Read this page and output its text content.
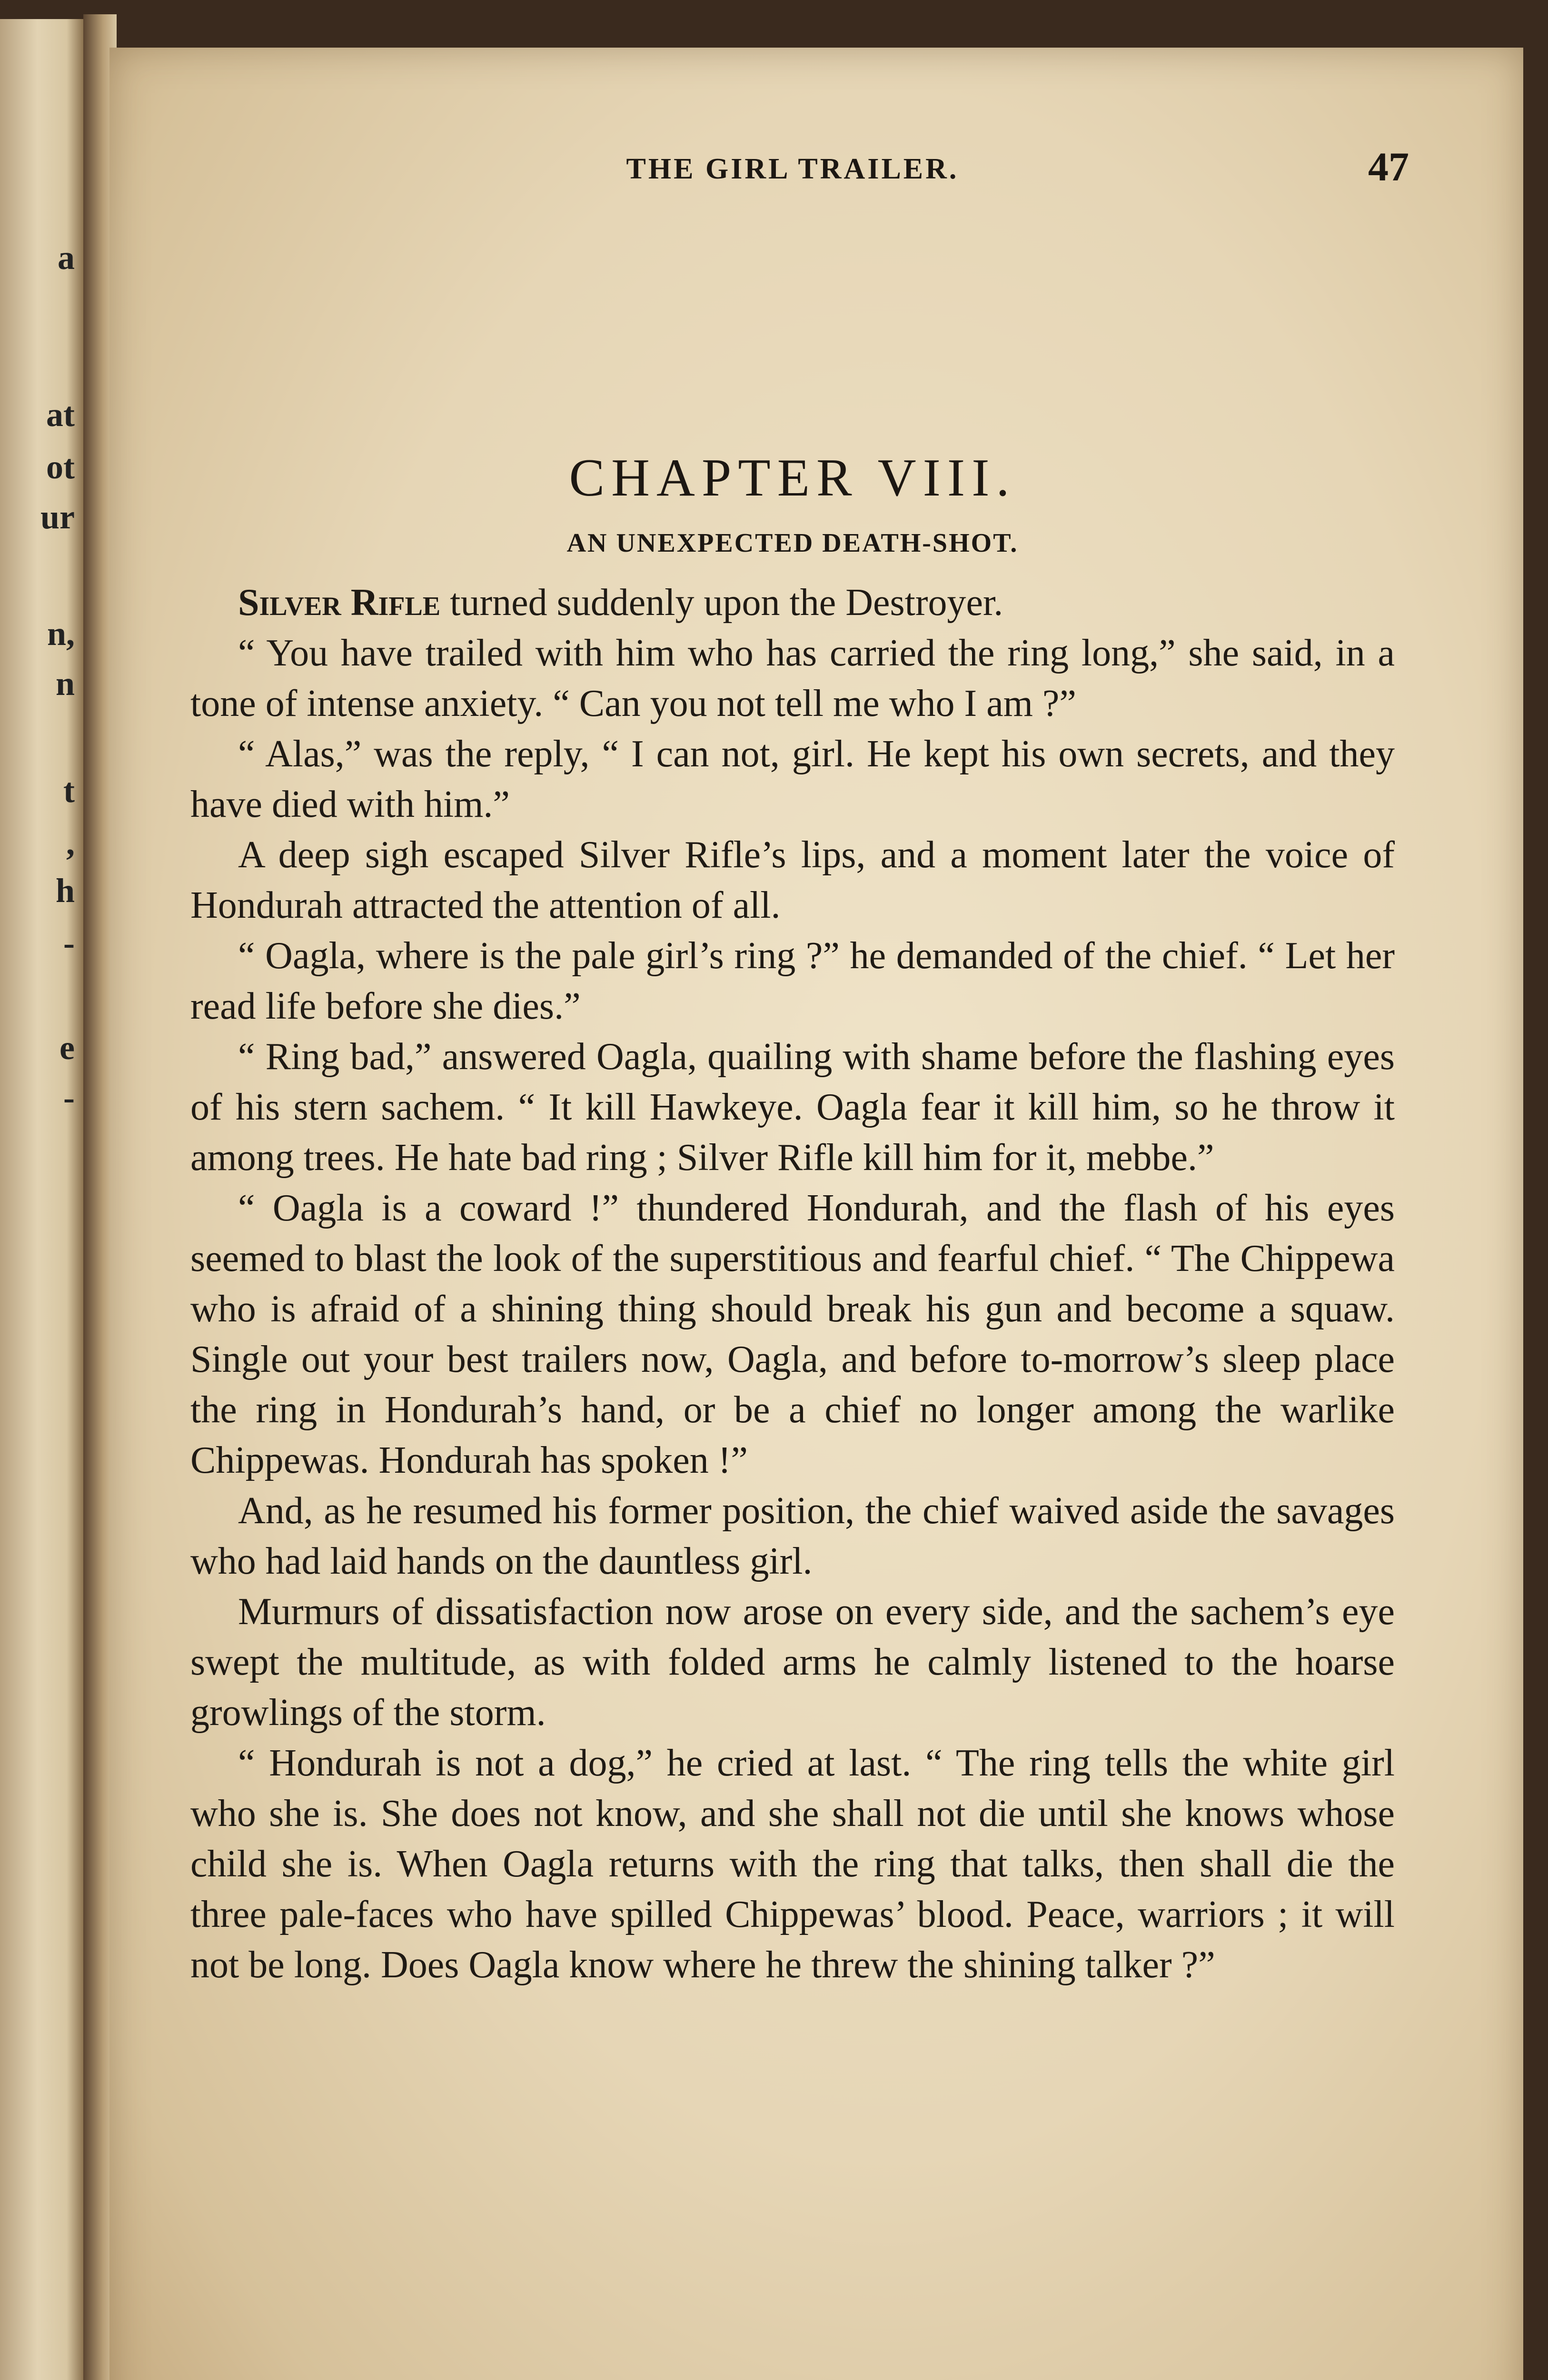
a
at
ot
ur
n,
n
t
,
h
-
e
-
THE GIRL TRAILER.	47
CHAPTER VIII.
AN UNEXPECTED DEATH-SHOT.

Silver Rifle turned suddenly upon the Destroyer.

“ You have trailed with him who has carried the ring long,” she said, in a tone of intense anxiety. “ Can you not tell me who I am ?”

“ Alas,” was the reply, “ I can not, girl. He kept his own secrets, and they have died with him.”

A deep sigh escaped Silver Rifle’s lips, and a moment later the voice of Hondurah attracted the attention of all.

“ Oagla, where is the pale girl’s ring ?” he demanded of the chief. “ Let her read life before she dies.”

“ Ring bad,” answered Oagla, quailing with shame before the flashing eyes of his stern sachem. “ It kill Hawkeye. Oagla fear it kill him, so he throw it among trees. He hate bad ring ; Silver Rifle kill him for it, mebbe.”

“ Oagla is a coward !” thundered Hondurah, and the flash of his eyes seemed to blast the look of the superstitious and fearful chief. “ The Chippewa who is afraid of a shining thing should break his gun and become a squaw. Single out your best trailers now, Oagla, and before to-morrow’s sleep place the ring in Hondurah’s hand, or be a chief no longer among the warlike Chippewas. Hondurah has spoken !”

And, as he resumed his former position, the chief waived aside the savages who had laid hands on the dauntless girl.

Murmurs of dissatisfaction now arose on every side, and the sachem’s eye swept the multitude, as with folded arms he calmly listened to the hoarse growlings of the storm.

“ Hondurah is not a dog,” he cried at last. “ The ring tells the white girl who she is. She does not know, and she shall not die until she knows whose child she is. When Oagla returns with the ring that talks, then shall die the three pale-faces who have spilled Chippewas’ blood. Peace, warriors ; it will not be long. Does Oagla know where he threw the shining talker ?”
